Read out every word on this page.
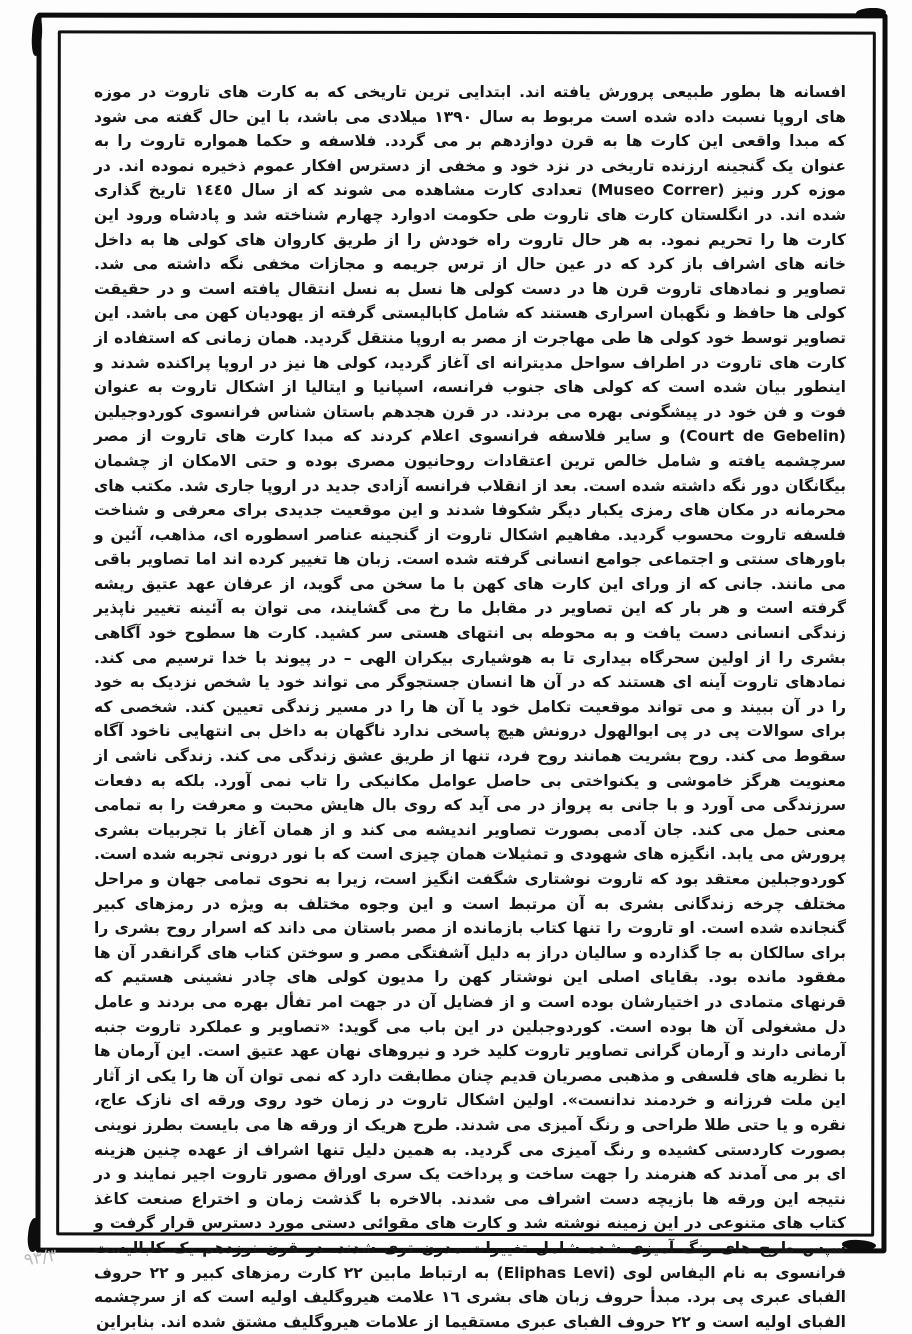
افسانه ها بطور طبیعی پرورش یافته اند. ابتدایی ترین تاریخی که به کارت های تاروت در موزه های اروپا نسبت داده شده است مربوط به سال ۱۳۹۰ میلادی می باشد، با این حال گفته می شود که مبدا واقعی این کارت ها به قرن دوازدهم بر می گردد. فلاسفه و حکما همواره تاروت را به عنوان یک گنجینه ارزنده تاریخی در نزد خود و مخفی از دسترس افکار عموم ذخیره نموده اند. در موزه کرر ونیز (Museo Correr) تعدادی کارت مشاهده می شوند که از سال ١٤٤٥ تاریخ گذاری شده اند. در انگلستان کارت های تاروت طی حکومت ادوارد چهارم شناخته شد و پادشاه ورود این کارت ها را تحریم نمود. به هر حال تاروت راه خودش را از طریق کاروان های کولی ها به داخل خانه های اشراف باز کرد که در عین حال از ترس جریمه و مجازات مخفی نگه داشته می شد. تصاویر و نمادهای تاروت قرن ها در دست کولی ها نسل به نسل انتقال یافته است و در حقیقت کولی ها حافظ و نگهبان اسراری هستند که شامل کابالیستی گرفته از یهودیان کهن می باشد. این تصاویر توسط خود کولی ها طی مهاجرت از مصر به اروپا منتقل گردید. همان زمانی که استفاده از کارت های تاروت در اطراف سواحل مدیترانه ای آغاز گردید، کولی ها نیز در اروپا پراکنده شدند و اینطور بیان شده است که کولی های جنوب فرانسه، اسپانیا و ایتالیا از اشکال تاروت به عنوان فوت و فن خود در پیشگونی بهره می بردند. در قرن هجدهم باستان شناس فرانسوی کوردوجیلین (Court de Gebelin) و سایر فلاسفه فرانسوی اعلام کردند که مبدا کارت های تاروت از مصر سرچشمه یافته و شامل خالص ترین اعتقادات روحانیون مصری بوده و حتی الامکان از چشمان بیگانگان دور نگه داشته شده است. بعد از انقلاب فرانسه آزادی جدید در اروپا جاری شد. مکتب های محرمانه در مکان های رمزی یکبار دیگر شکوفا شدند و این موقعیت جدیدی برای معرفی و شناخت فلسفه تاروت محسوب گردید. مفاهیم اشکال تاروت از گنجینه عناصر اسطوره ای، مذاهب، آئین و باورهای سنتی و اجتماعی جوامع انسانی گرفته شده است. زبان ها تغییر کرده اند اما تصاویر باقی می مانند. جانی که از ورای این کارت های کهن با ما سخن می گوید، از عرفان عهد عتیق ریشه گرفته است و هر بار که این تصاویر در مقابل ما رخ می گشایند، می توان به آئینه تغییر ناپذیر زندگی انسانی دست یافت و به محوطه بی انتهای هستی سر کشید. کارت ها سطوح خود آگاهی بشری را از اولین سحرگاه بیداری تا به هوشیاری بیکران الهی – در پیوند با خدا ترسیم می کند. نمادهای تاروت آینه ای هستند که در آن ها انسان جستجوگر می تواند خود یا شخص نزدیک به خود را در آن ببیند و می تواند موقعیت تکامل خود یا آن ها را در مسیر زندگی تعیین کند. شخصی که برای سوالات پی در پی ابوالهول درونش هیچ پاسخی ندارد ناگهان به داخل بی انتهایی ناخود آگاه سقوط می کند. روح بشریت همانند روح فرد، تنها از طریق عشق زندگی می کند. زندگی ناشی از معنویت هرگز خاموشی و یکنواختی بی حاصل عوامل مکانیکی را تاب نمی آورد. بلکه به دفعات سرزندگی می آورد و با جانی به پرواز در می آید که روی بال هایش محبت و معرفت را به تمامی معنی حمل می کند. جان آدمی بصورت تصاویر اندیشه می کند و از همان آغاز با تجربیات بشری پرورش می یابد. انگیزه های شهودی و تمثیلات همان چیزی است که با نور درونی تجربه شده است. کوردوجبلین معتقد بود که تاروت نوشتاری شگفت انگیز است، زیرا به نحوی تمامی جهان و مراحل مختلف چرخه زندگانی بشری به آن مرتبط است و این وجوه مختلف به ویژه در رمزهای کبیر گنجانده شده است. او تاروت را تنها کتاب بازمانده از مصر باستان می داند که اسرار روح بشری را برای سالکان به جا گذارده و سالیان دراز به دلیل آشفتگی مصر و سوختن کتاب های گرانقدر آن ها مفقود مانده بود. بقایای اصلی این نوشتار کهن را مدیون کولی های چادر نشینی هستیم که قرنهای متمادی در اختیارشان بوده است و از فضایل آن در جهت امر تفأل بهره می بردند و عامل دل مشغولی آن ها بوده است. کوردوجبلین در این باب می گوید: «تصاویر و عملکرد تاروت جنبه آرمانی دارند و آرمان گرانی تصاویر تاروت کلید خرد و نیروهای نهان عهد عتیق است. این آرمان ها با نظریه های فلسفی و مذهبی مصریان قدیم چنان مطابقت دارد که نمی توان آن ها را یکی از آثار این ملت فرزانه و خردمند ندانست». اولین اشکال تاروت در زمان خود روی ورقه ای نازک عاج، نقره و یا حتی طلا طراحی و رنگ آمیزی می شدند. طرح هریک از ورقه ها می بایست بطرز نوینی بصورت کاردستی کشیده و رنگ آمیزی می گردید. به همین دلیل تنها اشراف از عهده چنین هزینه ای بر می آمدند که هنرمند را جهت ساخت و پرداخت یک سری اوراق مصور تاروت اجیر نمایند و در نتیجه این ورقه ها بازیچه دست اشراف می شدند. بالاخره با گذشت زمان و اختراع صنعت کاغذ کتاب های متنوعی در این زمینه نوشته شد و کارت های مقوائی دستی مورد دسترس قرار گرفت و سپس طرح های رنگ آمیزی شده شامل تغییرات مدرن تری شدند. در قرن نوزدهم یک کابالیست فرانسوی به نام الیفاس لوی (Eliphas Levi) به ارتباط مابین ۲۲ کارت رمزهای کبیر و ۲۲ حروف الفبای عبری پی برد. مبدأ حروف زبان های بشری ١٦ علامت هیروگلیف اولیه است که از سرچشمه الفبای اولیه است و ۲۲ حروف الفبای عبری مستقیما از علامات هیروگلیف مشتق شده اند. بنابراین
۹۳/۳
